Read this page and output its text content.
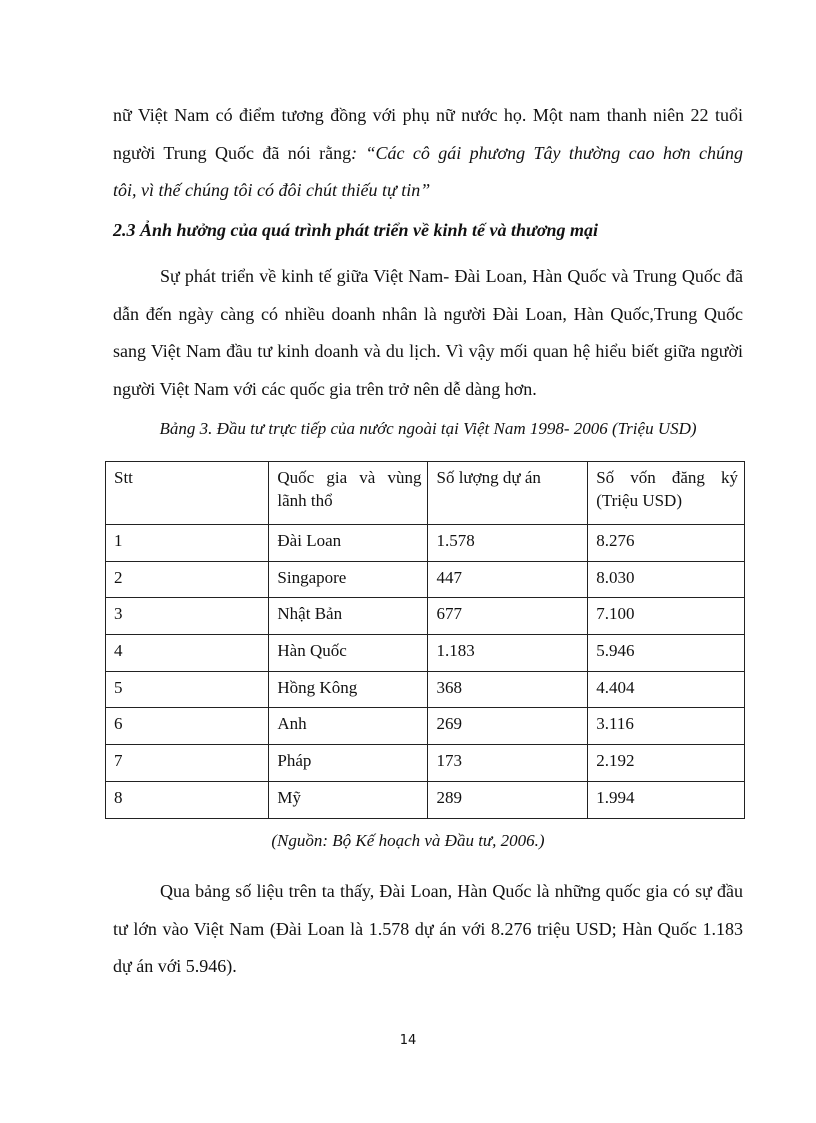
nữ Việt Nam có điểm tương đồng với phụ nữ nước họ. Một nam thanh niên 22 tuổi
người Trung Quốc đã nói rằng: “Các cô gái phương Tây thường cao hơn chúng
tôi, vì thế chúng tôi có đôi chút thiếu tự tin”
2.3 Ảnh hưởng của quá trình phát triển về kinh tế và thương mại

Sự phát triển về kinh tế giữa Việt Nam- Đài Loan, Hàn Quốc và Trung Quốc đã dẫn đến ngày càng có nhiều doanh nhân là người Đài Loan, Hàn Quốc,Trung Quốc sang Việt Nam đầu tư kinh doanh và du lịch. Vì vậy mối quan hệ hiểu biết giữa người người Việt Nam với các quốc gia trên trở nên dễ dàng hơn.

Bảng 3. Đầu tư trực tiếp của nước ngoài tại Việt Nam 1998- 2006 (Triệu USD)

Stt	Quốc gia và vùng lãnh thổ	Số lượng dự án	Số vốn đăng ký (Triệu USD)
1	Đài Loan	1.578	8.276
2	Singapore	447	8.030
3	Nhật Bản	677	7.100
4	Hàn Quốc	1.183	5.946
5	Hồng Kông	368	4.404
6	Anh	269	3.116
7	Pháp	173	2.192
8	Mỹ	289	1.994

(Nguồn: Bộ Kế hoạch và Đầu tư, 2006.)

Qua bảng số liệu trên ta thấy, Đài Loan, Hàn Quốc là những quốc gia có sự đầu tư lớn vào Việt Nam (Đài Loan là 1.578 dự án với 8.276 triệu USD; Hàn Quốc 1.183 dự án với 5.946).

14
